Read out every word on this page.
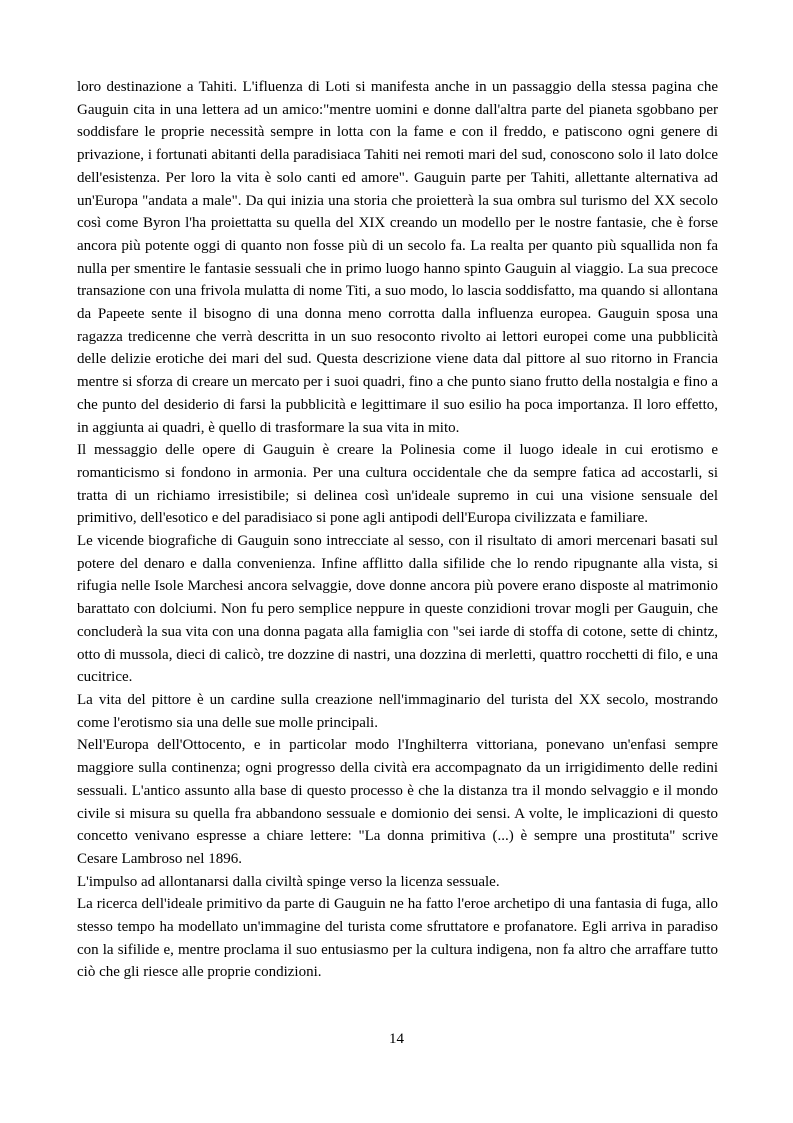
loro destinazione a Tahiti. L'ifluenza di Loti si manifesta anche in un passaggio della stessa pagina che Gauguin cita in una lettera ad un amico:"mentre uomini e donne dall'altra parte del pianeta sgobbano per soddisfare le proprie necessità sempre in lotta con la fame e con il freddo, e patiscono ogni genere di privazione, i fortunati abitanti della paradisiaca Tahiti nei remoti mari del sud, conoscono solo il lato dolce dell'esistenza. Per loro la vita è solo canti ed amore". Gauguin parte per Tahiti, allettante alternativa ad un'Europa "andata a male". Da qui inizia una storia che proietterà la sua ombra sul turismo del XX secolo così come Byron l'ha proiettatta su quella del XIX creando un modello per le nostre fantasie, che è forse ancora più potente oggi di quanto non fosse più di un secolo fa. La realta per quanto più squallida non fa nulla per smentire le fantasie sessuali che in primo luogo hanno spinto Gauguin al viaggio. La sua precoce transazione con una frivola mulatta di nome Titi, a suo modo, lo lascia soddisfatto, ma quando si allontana da Papeete sente il bisogno di una donna meno corrotta dalla influenza europea. Gauguin sposa una ragazza tredicenne che verrà descritta in un suo resoconto rivolto ai lettori europei come una pubblicità delle delizie erotiche dei mari del sud. Questa descrizione viene data dal pittore al suo ritorno in Francia mentre si sforza di creare un mercato per i suoi quadri, fino a che punto siano frutto della nostalgia e fino a che punto del desiderio di farsi la pubblicità e legittimare il suo esilio ha poca importanza. Il loro effetto, in aggiunta ai quadri, è quello di trasformare la sua vita in mito.

Il messaggio delle opere di Gauguin è creare la Polinesia come il luogo ideale in cui erotismo e romanticismo si fondono in armonia. Per una cultura occidentale che da sempre fatica ad accostarli, si tratta di un richiamo irresistibile; si delinea così un'ideale supremo in cui una visione sensuale del primitivo, dell'esotico e del paradisiaco si pone agli antipodi dell'Europa civilizzata e familiare.

Le vicende biografiche di Gauguin sono intrecciate al sesso, con il risultato di amori mercenari basati sul potere del denaro e dalla convenienza. Infine afflitto dalla sifilide che lo rendo ripugnante alla vista, si rifugia nelle Isole Marchesi ancora selvaggie, dove donne ancora più povere erano disposte al matrimonio barattato con dolciumi. Non fu pero semplice neppure in queste conzidioni trovar mogli per Gauguin, che concluderà la sua vita con una donna pagata alla famiglia con "sei iarde di stoffa di cotone, sette di chintz, otto di mussola, dieci di calicò, tre dozzine di nastri, una dozzina di merletti, quattro rocchetti di filo, e una cucitrice.

La vita del pittore è un cardine sulla creazione nell'immaginario del turista del XX secolo, mostrando come l'erotismo sia una delle sue molle principali.

Nell'Europa dell'Ottocento, e in particolar modo l'Inghilterra vittoriana, ponevano un'enfasi sempre maggiore sulla continenza; ogni progresso della cività era accompagnato da un irrigidimento delle redini sessuali. L'antico assunto alla base di questo processo è che la distanza tra il mondo selvaggio e il mondo civile si misura su quella fra abbandono sessuale e domionio dei sensi. A volte, le implicazioni di questo concetto venivano espresse a chiare lettere: "La donna primitiva (...) è sempre una prostituta" scrive Cesare Lambroso nel 1896.

L'impulso ad allontanarsi dalla civiltà spinge verso la licenza sessuale.

La ricerca dell'ideale primitivo da parte di Gauguin ne ha fatto l'eroe archetipo di una fantasia di fuga, allo stesso tempo ha modellato un'immagine del turista come sfruttatore e profanatore. Egli arriva in paradiso con la sifilide e, mentre proclama il suo entusiasmo per la cultura indigena, non fa altro che arraffare tutto ciò che gli riesce alle proprie condizioni.

14
